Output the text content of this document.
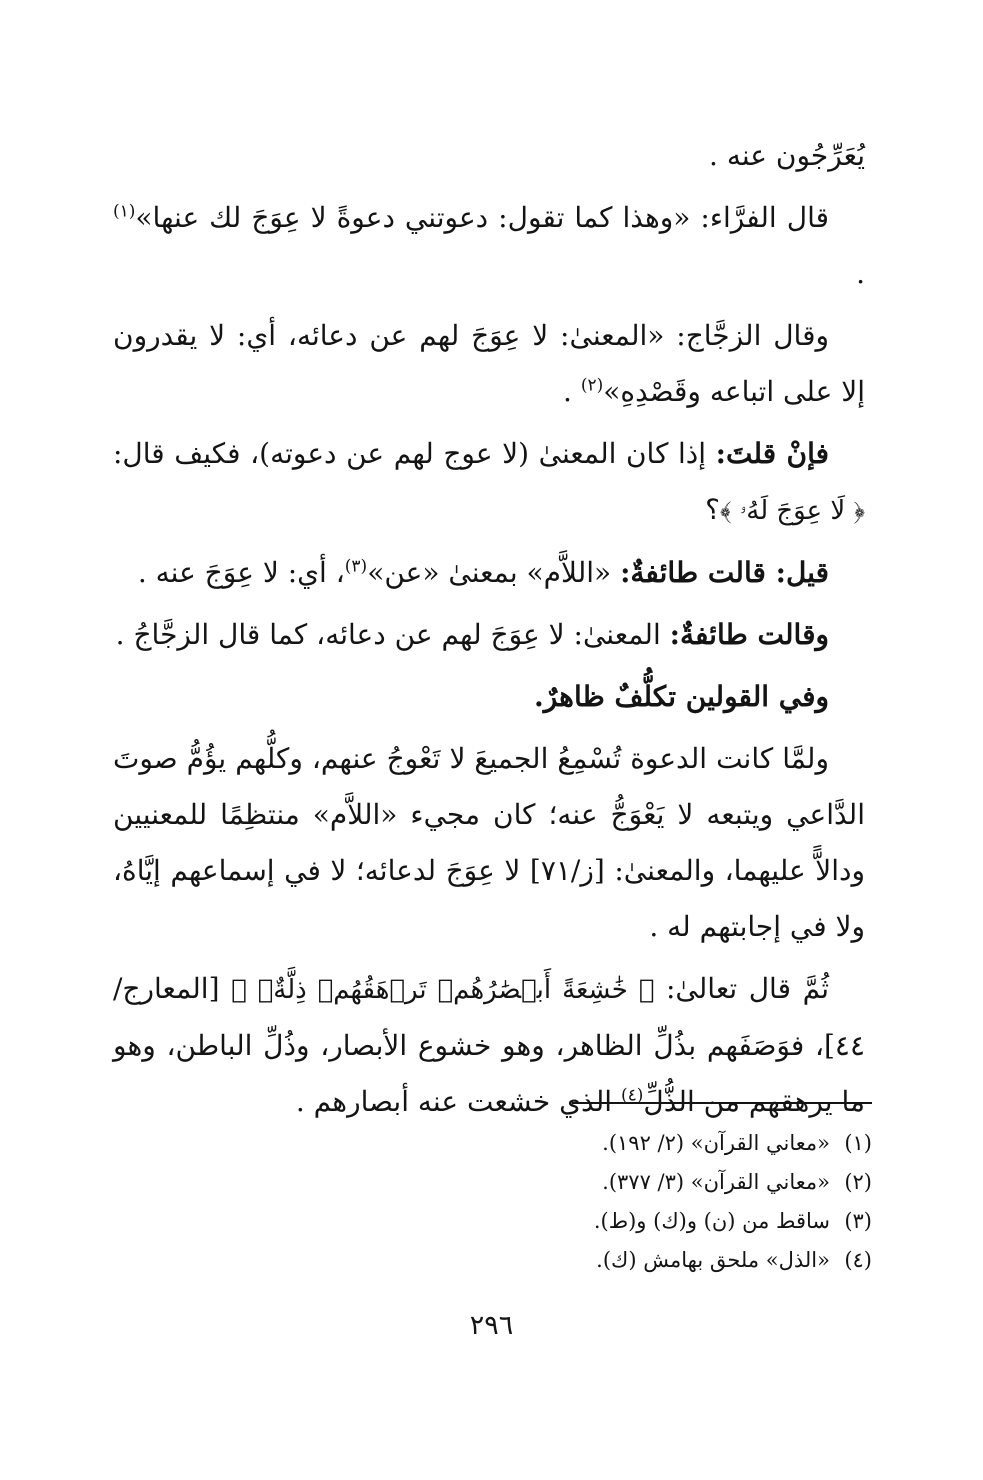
يُعَرِّجُون عنه .

قال الفرَّاء: «وهذا كما تقول: دعوتني دعوةً لا عِوَجَ لك عنها»$^{(١)}$ .

وقال الزجَّاج: «المعنىٰ: لا عِوَجَ لهم عن دعائه، أي: لا يقدرون إلا على اتباعه وقَصْدِهِ»$^{(٢)}$ .

فإنْ قلتَ: إذا كان المعنىٰ (لا عوج لهم عن دعوته)، فكيف قال: ﴿ لَا عِوَجَ لَهُۥ ﴾؟

قيل: قالت طائفةٌ: «اللاَّم» بمعنىٰ «عن»$^{(٣)}$، أي: لا عِوَجَ عنه .

وقالت طائفةٌ: المعنىٰ: لا عِوَجَ لهم عن دعائه، كما قال الزجَّاجُ .

وفي القولين تكلُّفٌ ظاهرٌ.

ولمَّا كانت الدعوة تُسْمِعُ الجميعَ لا تَعْوجُ عنهم، وكلُّهم يؤُمُّ صوتَ الدَّاعي ويتبعه لا يَعْوَجُّ عنه؛ كان مجيء «اللاَّم» منتظِمًا للمعنيين ودالاًّ عليهما، والمعنىٰ: [ز/٧١] لا عِوَجَ لدعائه؛ لا في إسماعهم إيَّاهُ، ولا في إجابتهم له .

ثُمَّ قال تعالىٰ: ﴿ خَٰشِعَةً أَبۡصَٰرُهُمۡ تَرۡهَقُهُمۡ ذِلَّةٌۚ ﴾ [المعارج/ ٤٤]، فوَصَفَهم بذُلِّ الظاهر، وهو خشوع الأبصار، وذُلِّ الباطن، وهو ما يرهقهم من الذُّلِّ$^{(٤)}$ الذي خشعت عنه أبصارهم .

(١)«معاني القرآن» (٢/ ١٩٢).
(٢)«معاني القرآن» (٣/ ٣٧٧).
(٣)ساقط من (ن) و(ك) و(ط).
(٤)«الذل» ملحق بهامش (ك).
٢٩٦
